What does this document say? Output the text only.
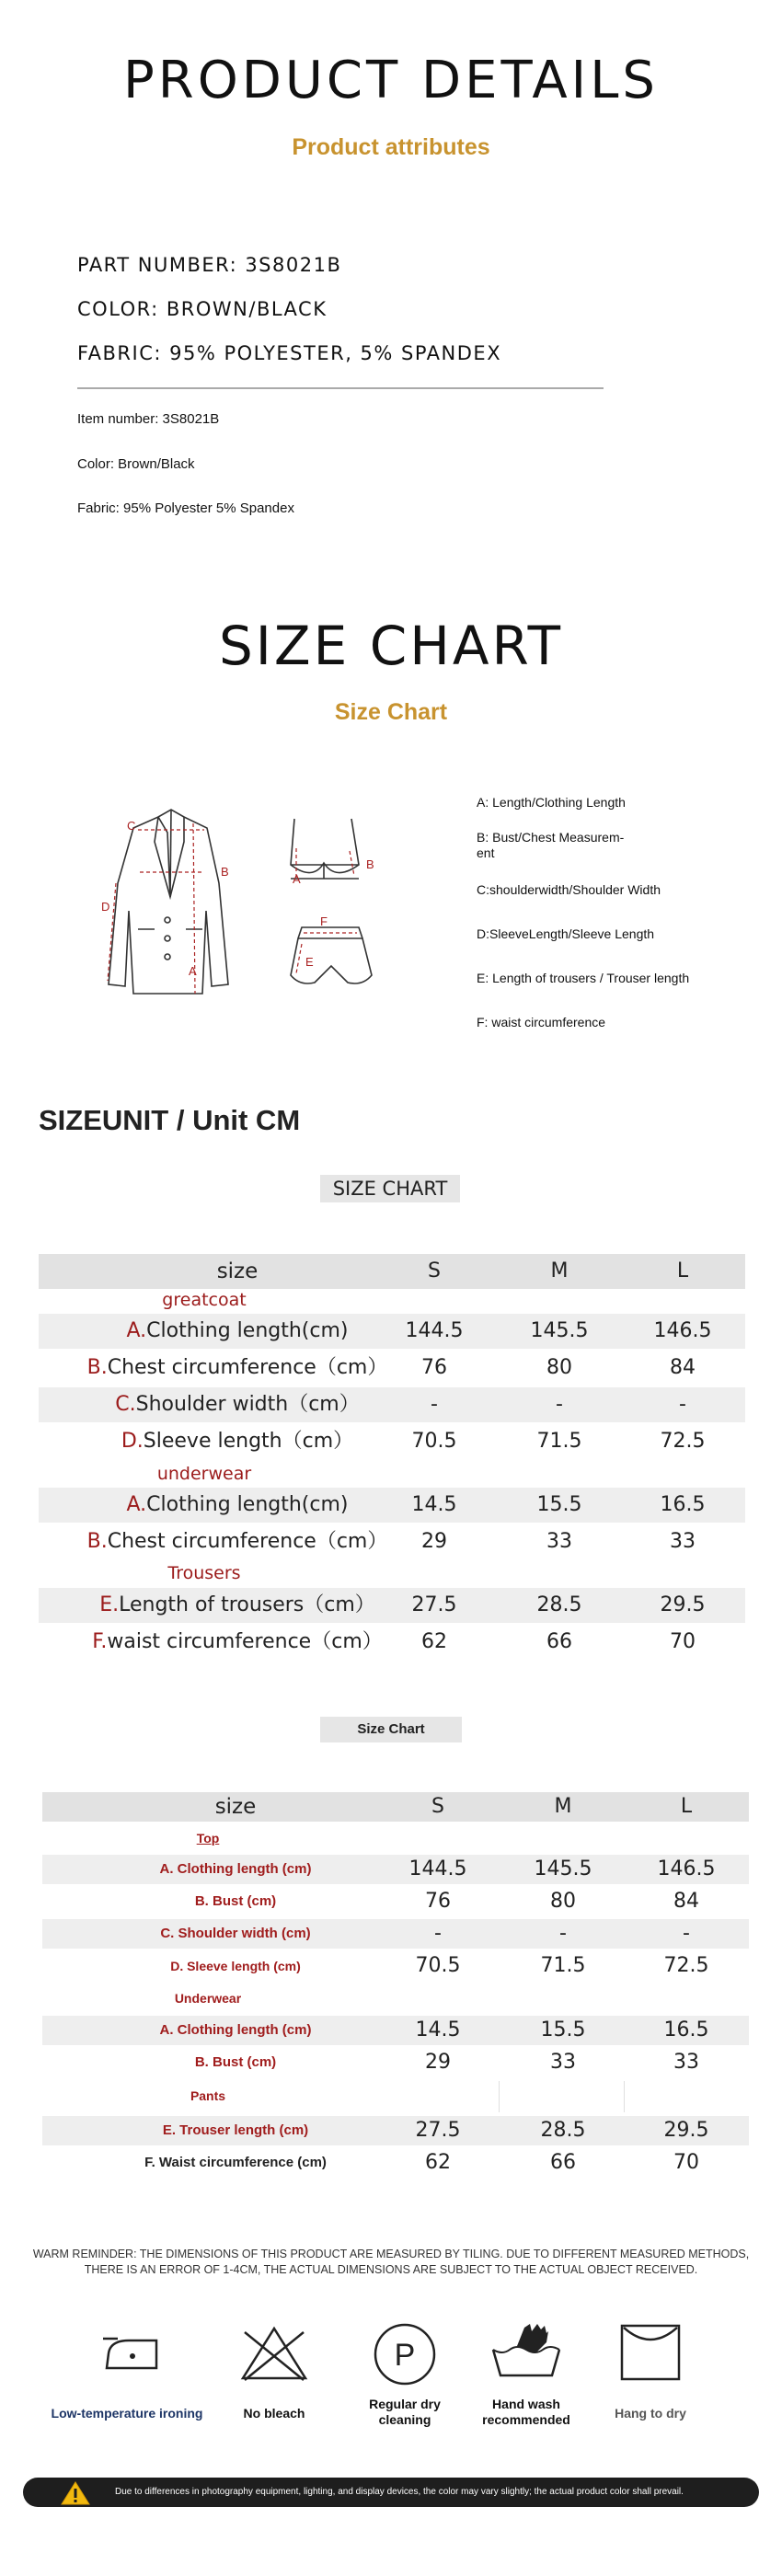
PRODUCT DETAILS
Product attributes
PART NUMBER: 3S8021B
COLOR: BROWN/BLACK
FABRIC: 95% POLYESTER, 5% SPANDEX
Item number: 3S8021B
Color: Brown/Black
Fabric: 95% Polyester 5% Spandex
SIZE CHART
Size Chart
C
B
D
A
A
B
F
E
A: Length/Clothing Length
B: Bust/Chest Measurem-
ent
C:shoulderwidth/Shoulder Width
D:SleeveLength/Sleeve Length
E: Length of trousers / Trouser length
F: waist circumference
SIZEUNIT / Unit CM
SIZE CHART
size	S	M	L
greatcoat
A.Clothing length(cm)	144.5	145.5	146.5
B.Chest circumference（cm）	76	80	84
C.Shoulder width（cm）	-	-	-
D.Sleeve length（cm）	70.5	71.5	72.5
underwear
A.Clothing length(cm)	14.5	15.5	16.5
B.Chest circumference（cm）	29	33	33
Trousers
E.Length of trousers（cm）	27.5	28.5	29.5
F.waist circumference（cm）	62	66	70
Size Chart
size	S	M	L
Top
A. Clothing length (cm)	144.5	145.5	146.5
B. Bust (cm)	76	80	84
C. Shoulder width (cm)	-	-	-
D. Sleeve length (cm)	70.5	71.5	72.5
Underwear
A. Clothing length (cm)	14.5	15.5	16.5
B. Bust (cm)	29	33	33
Pants
E. Trouser length (cm)	27.5	28.5	29.5
F. Waist circumference (cm)	62	66	70
WARM REMINDER: THE DIMENSIONS OF THIS PRODUCT ARE MEASURED BY TILING. DUE TO DIFFERENT MEASURED METHODS, THERE IS AN ERROR OF 1-4CM, THE ACTUAL DIMENSIONS ARE SUBJECT TO THE ACTUAL OBJECT RECEIVED.
P
Low-temperature ironing	No bleach
Regular dry cleaning
Hand wash recommended	Hang to dry
Due to differences in photography equipment, lighting, and display devices, the color may vary slightly; the actual product color shall prevail.
